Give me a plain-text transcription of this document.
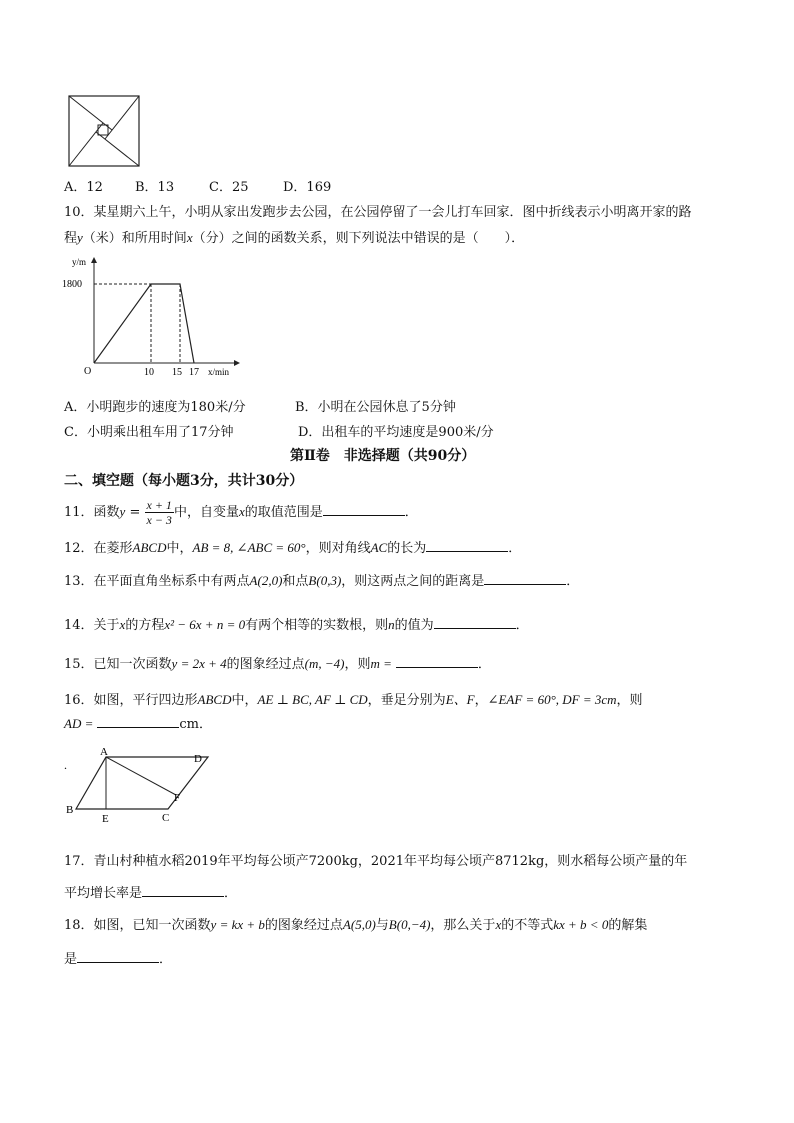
A．12 B．13	C．25	D．169
10．某星期六上午，小明从家出发跑步去公园，在公园停留了一会儿打车回家．图中折线表示小明离开家的路
程y（米）和所用时间x（分）之间的函数关系，则下列说法中错误的是（　　）．
y/m
1800
O	10 15 17 x/min
A．小明跑步的速度为180米/分	B．小明在公园休息了5分钟
C．小明乘出租车用了17分钟	D．出租车的平均速度是900米/分
第Ⅱ卷　非选择题（共90分）
二、填空题（每小题3分，共计30分）
11．函数$y = \frac{x + 1}{x - 3}$ 中，自变量x的取值范围是	．
12．在菱形ABCD中，AB = 8, ∠ABC = 60°，则对角线AC的长为	．
13．在平面直角坐标系中有两点A(2,0)和点B(0,3)，则这两点之间的距离是	．
14．关于x的方程x² − 6x + n = 0有两个相等的实数根，则n的值为	．
15．已知一次函数y = 2x + 4的图象经过点(m, −4)，则m =	．
16．如图，平行四边形ABCD中，AE ⊥ BC, AF ⊥ CD，垂足分别为E、F，∠EAF = 60°, DF = 3cm，则
AD =	cm．
.
A
D
B
E	C
F
17．青山村种植水稻2019年平均每公顷产7200kg，2021年平均每公顷产8712kg，则水稻每公顷产量的年
平均增长率是	．
18．如图，已知一次函数y = kx + b的图象经过点A(5,0)与B(0,−4)，那么关于x的不等式kx + b < 0的解集
是	．
